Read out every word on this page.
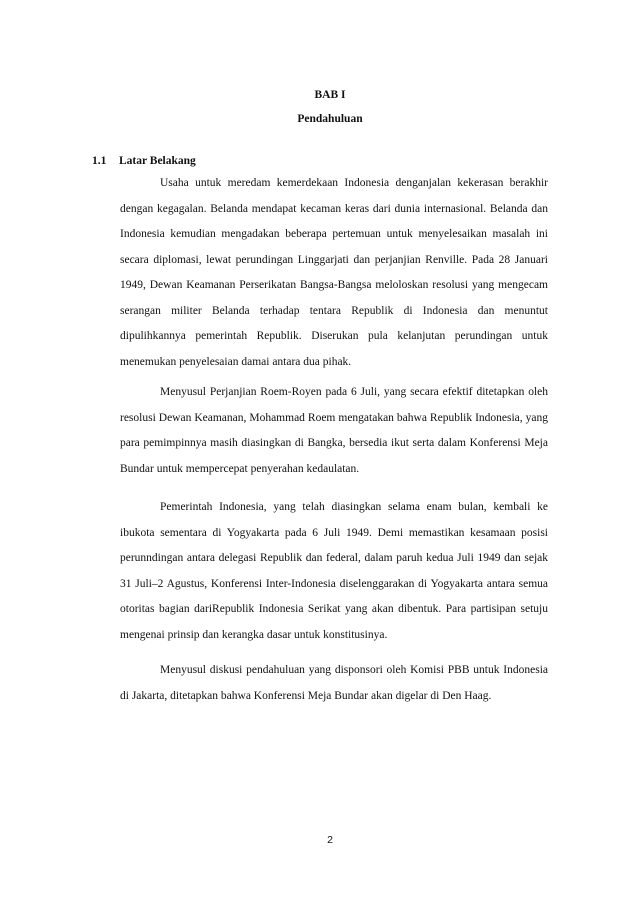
BAB I

Pendahuluan

1.1 Latar Belakang

Usaha untuk meredam kemerdekaan Indonesia denganjalan kekerasan berakhir dengan kegagalan. Belanda mendapat kecaman keras dari dunia internasional. Belanda dan Indonesia kemudian mengadakan beberapa pertemuan untuk menyelesaikan masalah ini secara diplomasi, lewat perundingan Linggarjati dan perjanjian Renville. Pada 28 Januari 1949, Dewan Keamanan Perserikatan Bangsa-Bangsa meloloskan resolusi yang mengecam serangan militer Belanda terhadap tentara Republik di Indonesia dan menuntut dipulihkannya pemerintah Republik. Diserukan pula kelanjutan perundingan untuk menemukan penyelesaian damai antara dua pihak.

Menyusul Perjanjian Roem-Royen pada 6 Juli, yang secara efektif ditetapkan oleh resolusi Dewan Keamanan, Mohammad Roem mengatakan bahwa Republik Indonesia, yang para pemimpinnya masih diasingkan di Bangka, bersedia ikut serta dalam Konferensi Meja Bundar untuk mempercepat penyerahan kedaulatan.

Pemerintah Indonesia, yang telah diasingkan selama enam bulan, kembali ke ibukota sementara di Yogyakarta pada 6 Juli 1949. Demi memastikan kesamaan posisi perunndingan antara delegasi Republik dan federal, dalam paruh kedua Juli 1949 dan sejak 31 Juli–2 Agustus, Konferensi Inter-Indonesia diselenggarakan di Yogyakarta antara semua otoritas bagian dariRepublik Indonesia Serikat yang akan dibentuk. Para partisipan setuju mengenai prinsip dan kerangka dasar untuk konstitusinya.

Menyusul diskusi pendahuluan yang disponsori oleh Komisi PBB untuk Indonesia di Jakarta, ditetapkan bahwa Konferensi Meja Bundar akan digelar di Den Haag.

2
